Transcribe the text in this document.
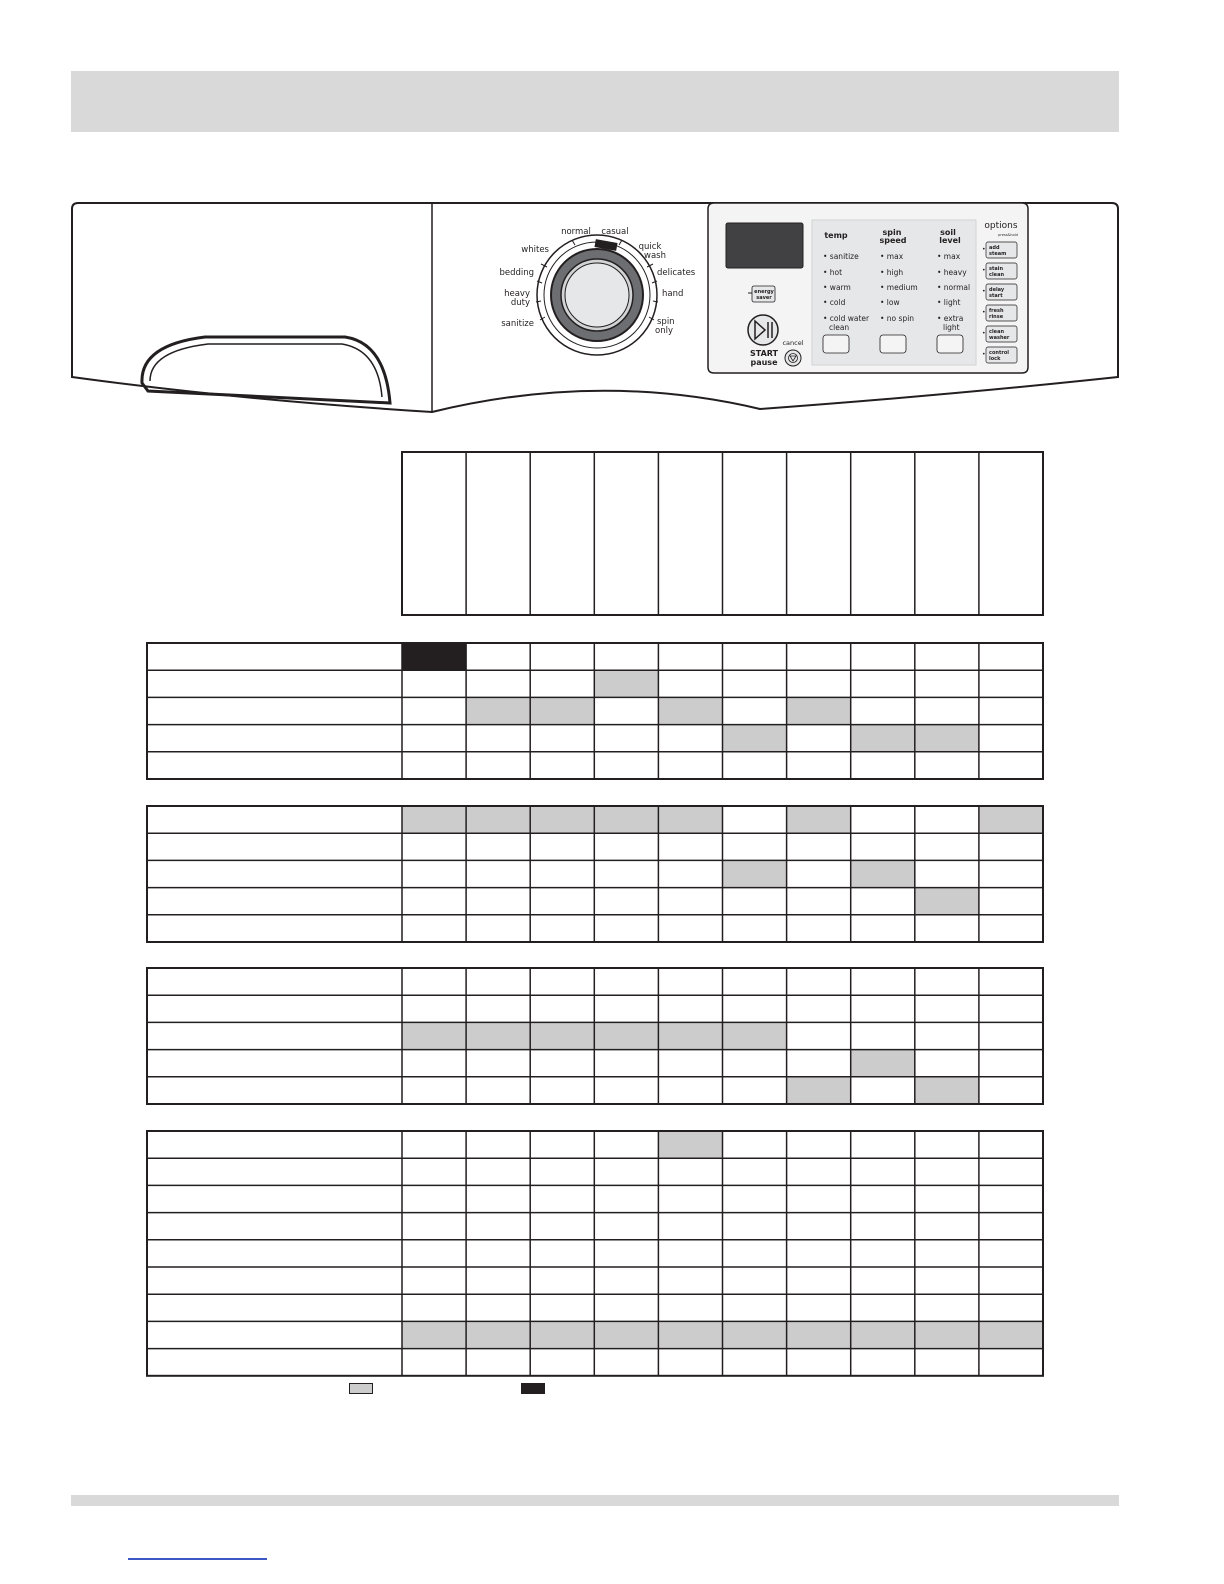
normal casual
quick
wash
whites
delicates
bedding
hand
heavy
duty
sanitize	spin
only
energy
saver
START
pause
cancel
temp	spin
speed
soil
level
• sanitize
• hot
• warm
• cold
• cold water
clean
• max
• high
• medium
• low
• no spin
• max
• heavy
• normal
• light
• extra
light
options
press&hold
• add
steam
• stain
clean
• delay
start
• fresh
rinse
• clean
washer
• control
lock
